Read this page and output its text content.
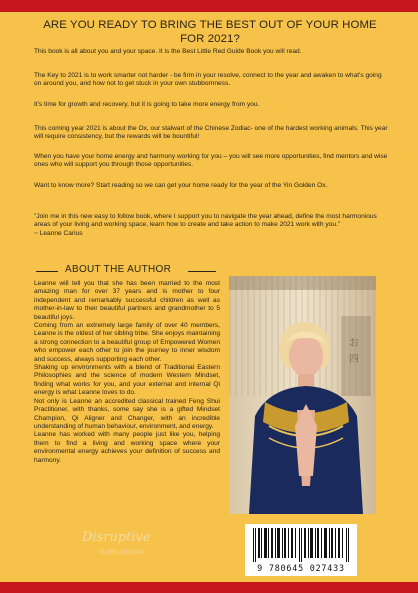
ARE YOU READY TO BRING THE BEST OUT OF YOUR HOME FOR 2021?

This book is all about you and your space. It is the Best Little Red Guide Book you will read.

The Key to 2021 is to work smarter not harder - be firm in your resolve, connect to the year and awaken to what's going on around you, and how not to get stuck in your own stubbornness.

It's time for growth and recovery, but it is going to take more energy from you.

This coming year 2021 is about the Ox, our stalwart of the Chinese Zodiac- one of the hardest working animals. This year will require consistency, but the rewards will be bountiful!

When you have your home energy and harmony working for you – you will see more opportunities, find mentors and wise ones who will support you through those opportunities.

Want to know more? Start reading so we can get your home ready for the year of the Yin Golden Ox.

"Join me in this new easy to follow book, where I support you to navigate the year ahead, define the most harmonious areas of your living and working space, learn how to create and take action to make 2021 work with you."
~ Leanne Carius
ABOUT THE AUTHOR

Leanne will tell you that she has been married to the most amazing man for over 37 years and is mother to four independent and remarkably successful children as well as mother-in-law to their beautiful partners and grandmother to 5 beautiful joys.

Coming from an extremely large family of over 40 members, Leanne is the oldest of her sibling tribe. She enjoys maintaining a strong connection to a beautiful group of Empowered Women who empower each other to join the journey to inner wisdom and success, always supporting each other.

Shaking up environments with a blend of Traditional Eastern Philosophies and the science of modern Western Mindset, finding what works for you, and your external and internal Qi energy is what Leanne loves to do.

Not only is Leanne an accredited classical trained Feng Shui Practitioner, with thanks, some say she is a gifted Mindset Champion, Qi Aligner and Changer, with an incredible understanding of human behaviour, environment, and energy.

Leanne has worked with many people just like you, helping them to find a living and working space where your environmental energy achieves your definition of success and harmony.

お
四
Disruptive
PUBLISHING
9 780645 027433
